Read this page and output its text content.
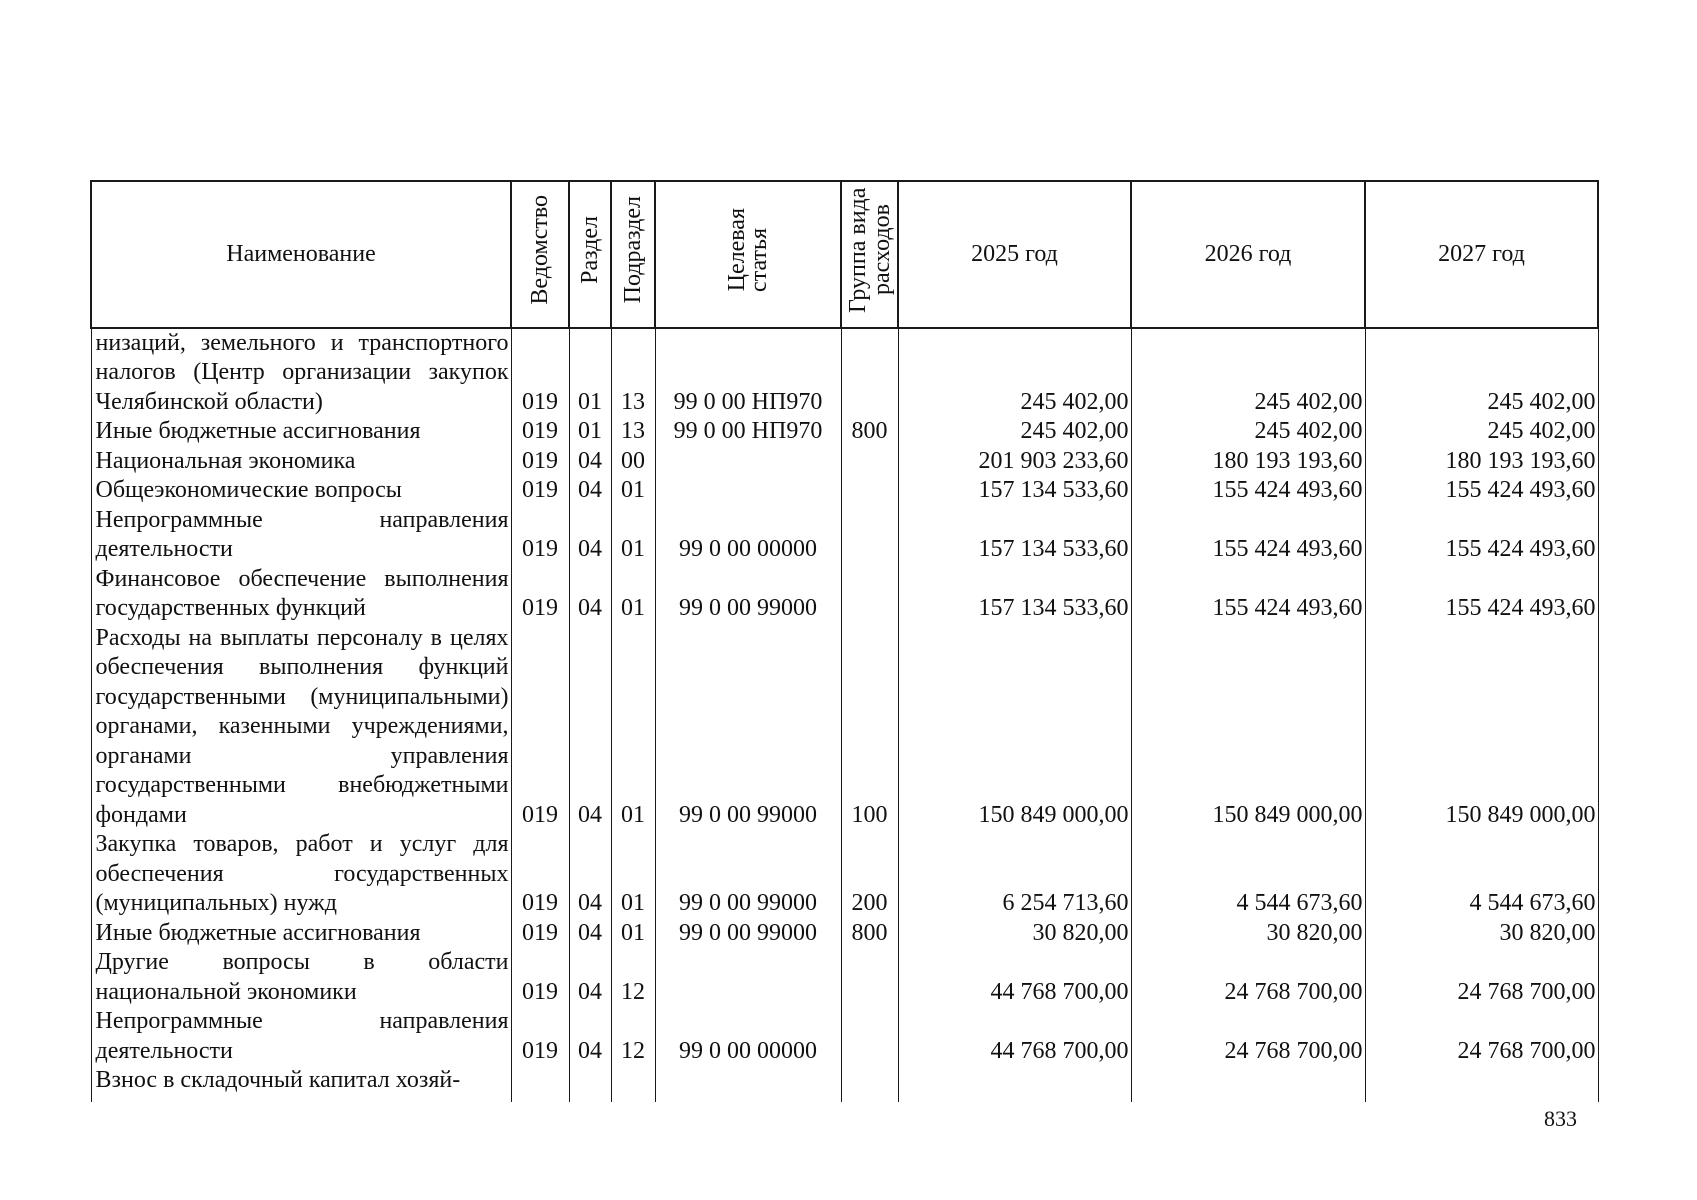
Наименование	Ведомство	Раздел	Подраздел	Целеваястатья	Группа вида расходов	2025 год	2026 год	2027 год
низаций, земельного и транспортного налогов (Центр организации закупок Челябинской области)	019	01	13	99 0 00 НП970		245 402,00	245 402,00	245 402,00
Иные бюджетные ассигнования	019	01	13	99 0 00 НП970	800	245 402,00	245 402,00	245 402,00
Национальная экономика	019	04	00			201 903 233,60	180 193 193,60	180 193 193,60
Общеэкономические вопросы	019	04	01			157 134 533,60	155 424 493,60	155 424 493,60
Непрограммные направления деятельности	019	04	01	99 0 00 00000		157 134 533,60	155 424 493,60	155 424 493,60
Финансовое обеспечение выполнения государственных функций	019	04	01	99 0 00 99000		157 134 533,60	155 424 493,60	155 424 493,60
Расходы на выплаты персоналу в целях обеспечения выполнения функций государственными (муниципальными) органами, казенными учреждениями, органами управления государственными внебюджетными фондами	019	04	01	99 0 00 99000	100	150 849 000,00	150 849 000,00	150 849 000,00
Закупка товаров, работ и услуг для обеспечения государственных (муниципальных) нужд	019	04	01	99 0 00 99000	200	6 254 713,60	4 544 673,60	4 544 673,60
Иные бюджетные ассигнования	019	04	01	99 0 00 99000	800	30 820,00	30 820,00	30 820,00
Другие вопросы в области национальной экономики	019	04	12			44 768 700,00	24 768 700,00	24 768 700,00
Непрограммные направления деятельности	019	04	12	99 0 00 00000		44 768 700,00	24 768 700,00	24 768 700,00
Взнос в складочный капитал хозяй-								
833
